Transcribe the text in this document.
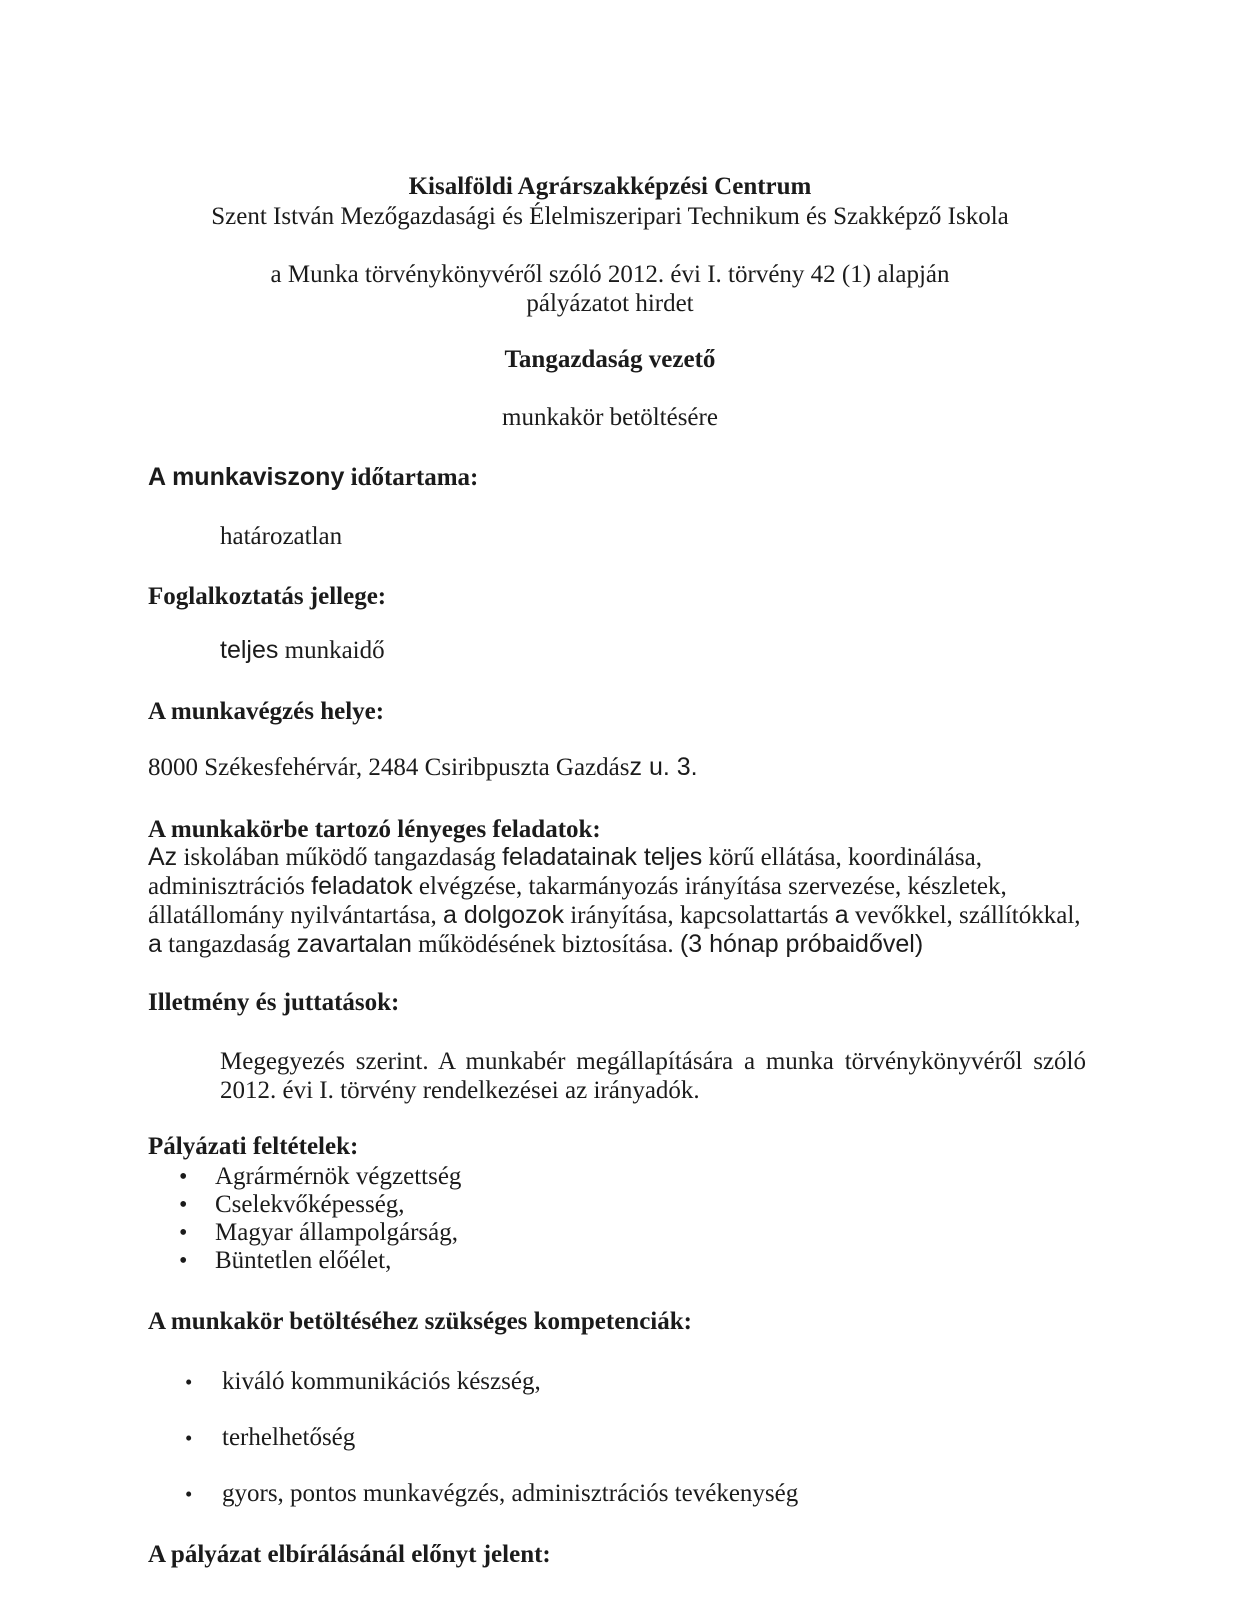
Kisalföldi Agrárszakképzési Centrum
Szent István Mezőgazdasági és Élelmiszeripari Technikum és Szakképző Iskola
a Munka törvénykönyvéről szóló 2012. évi I. törvény 42 (1) alapján
pályázatot hirdet
Tangazdaság vezető
munkakör betöltésére
A munkaviszony időtartama:
határozatlan
Foglalkoztatás jellege:
teljes munkaidő
A munkavégzés helye:
8000 Székesfehérvár, 2484 Csiribpuszta Gazdász u. 3.
A munkakörbe tartozó lényeges feladatok:
Az iskolában működő tangazdaság feladatainak teljes körű ellátása, koordinálása, adminisztrációs feladatok elvégzése, takarmányozás irányítása szervezése, készletek, állatállomány nyilvántartása, a dolgozok irányítása, kapcsolattartás a vevőkkel, szállítókkal, a tangazdaság zavartalan működésének biztosítása. (3 hónap próbaidővel)
Illetmény és juttatások:
Megegyezés szerint. A munkabér megállapítására a munka törvénykönyvéről szóló 2012. évi I. törvény rendelkezései az irányadók.
Pályázati feltételek:
•	Agrármérnök végzettség
•	Cselekvőképesség,
•	Magyar állampolgárság,
•	Büntetlen előélet,
A munkakör betöltéséhez szükséges kompetenciák:
•	kiváló kommunikációs készség,
•	terhelhetőség
•	gyors, pontos munkavégzés, adminisztrációs tevékenység
A pályázat elbírálásánál előnyt jelent:
